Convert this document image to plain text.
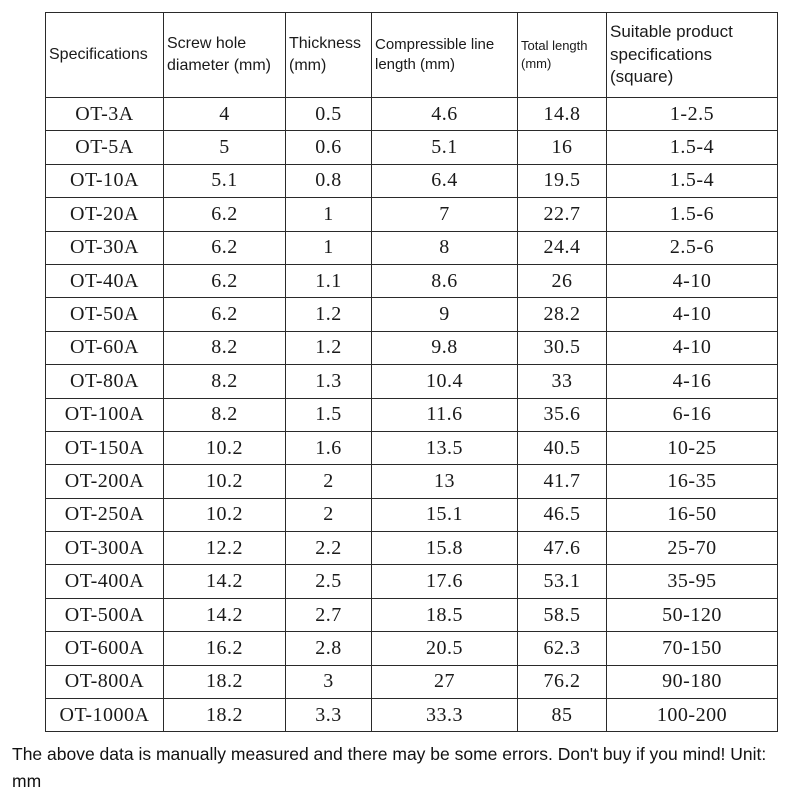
Specifications	Screw hole diameter (mm)	Thickness (mm)	Compressible line length (mm)	Total length (mm)	Suitable product specifications (square)
OT-3A	4	0.5	4.6	14.8	1-2.5
OT-5A	5	0.6	5.1	16	1.5-4
OT-10A	5.1	0.8	6.4	19.5	1.5-4
OT-20A	6.2	1	7	22.7	1.5-6
OT-30A	6.2	1	8	24.4	2.5-6
OT-40A	6.2	1.1	8.6	26	4-10
OT-50A	6.2	1.2	9	28.2	4-10
OT-60A	8.2	1.2	9.8	30.5	4-10
OT-80A	8.2	1.3	10.4	33	4-16
OT-100A	8.2	1.5	11.6	35.6	6-16
OT-150A	10.2	1.6	13.5	40.5	10-25
OT-200A	10.2	2	13	41.7	16-35
OT-250A	10.2	2	15.1	46.5	16-50
OT-300A	12.2	2.2	15.8	47.6	25-70
OT-400A	14.2	2.5	17.6	53.1	35-95
OT-500A	14.2	2.7	18.5	58.5	50-120
OT-600A	16.2	2.8	20.5	62.3	70-150
OT-800A	18.2	3	27	76.2	90-180
OT-1000A	18.2	3.3	33.3	85	100-200
The above data is manually measured and there may be some errors. Don't buy if you mind! Unit: mm
